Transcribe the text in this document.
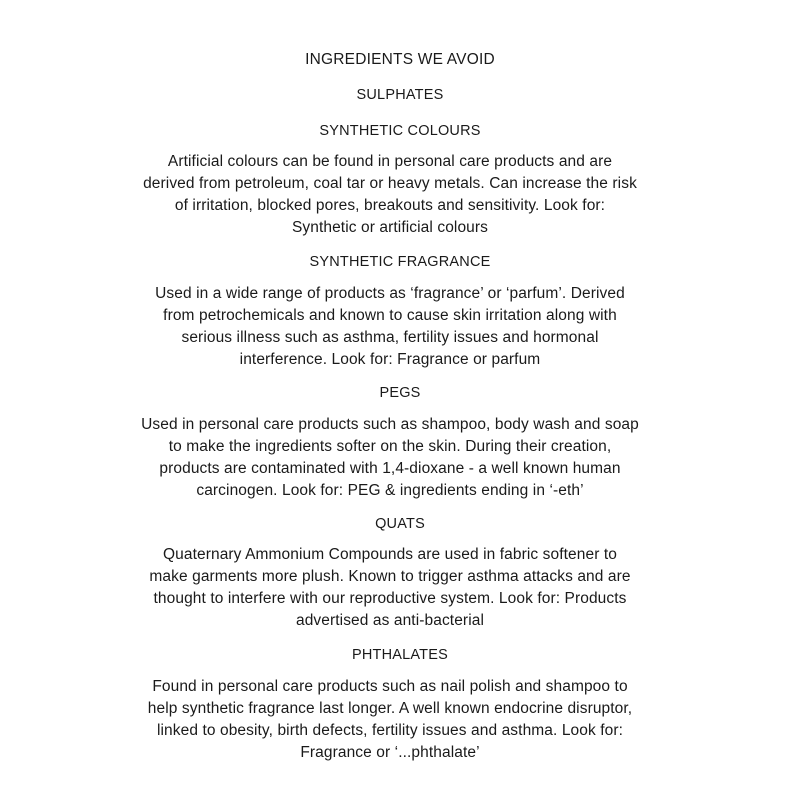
INGREDIENTS WE AVOID
SULPHATES
SYNTHETIC COLOURS

Artificial colours can be found in personal care products and are
derived from petroleum, coal tar or heavy metals. Can increase the risk
of irritation, blocked pores, breakouts and sensitivity. Look for:
Synthetic or artificial colours

SYNTHETIC FRAGRANCE

Used in a wide range of products as ‘fragrance’ or ‘parfum’. Derived
from petrochemicals and known to cause skin irritation along with
serious illness such as asthma, fertility issues and hormonal
interference. Look for: Fragrance or parfum

PEGS

Used in personal care products such as shampoo, body wash and soap
to make the ingredients softer on the skin. During their creation,
products are contaminated with 1,4-dioxane - a well known human
carcinogen. Look for: PEG & ingredients ending in ‘-eth’

QUATS

Quaternary Ammonium Compounds are used in fabric softener to
make garments more plush. Known to trigger asthma attacks and are
thought to interfere with our reproductive system. Look for: Products
advertised as anti-bacterial

PHTHALATES

Found in personal care products such as nail polish and shampoo to
help synthetic fragrance last longer. A well known endocrine disruptor,
linked to obesity, birth defects, fertility issues and asthma. Look for:
Fragrance or ‘...phthalate’
